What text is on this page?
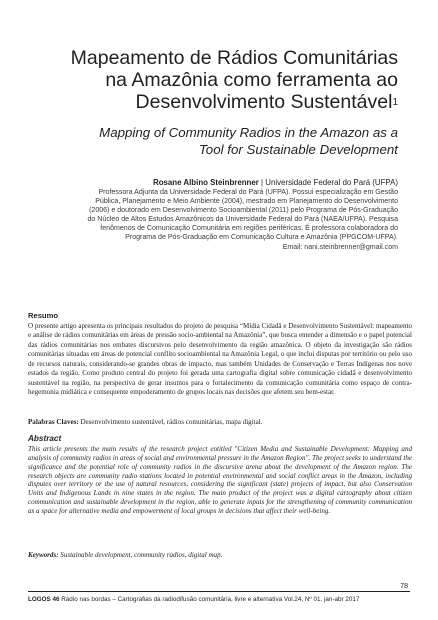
Mapeamento de Rádios Comunitárias
na Amazônia como ferramenta ao
Desenvolvimento Sustentável$^1$
Mapping of Community Radios in the Amazon as a
Tool for Sustainable Development
Rosane Albino Steinbrenner | Universidade Federal do Pará (UFPA)
Professora Adjunta da Universidade Federal do Pará (UFPA). Possui especialização em Gestão
Pública, Planejamento e Meio Ambiente (2004), mestrado em Planejamento do Desenvolvimento
(2006) e doutorado em Desenvolvimento Socioambiental (2011) pelo Programa de Pós-Graduação
do Núcleo de Altos Estudos Amazônicos da Universidade Federal do Pará (NAEA/UFPA). Pesquisa
fenômenos de Comunicação Comunitária em regiões periféricas. É professora colaboradora do
Programa de Pós-Graduação em Comunicação Cultura e Amazônia (PPGCOM-UFPA).
Email: nani.steinbrenner@gmail.com
Resumo
O presente artigo apresenta os principais resultados do projeto de pesquisa “Mídia Cidadã e Desenvolvimento Sustentável: mapeamento e análise de rádios comunitárias em áreas de pressão socio-ambiental na Amazônia”, que busca entender a dimensão e o papel potencial das rádios comunitárias nos embates discursivos pelo desenvolvimento da região amazônica. O objeto da investigação são rádios comunitárias situadas em áreas de potencial conflito socioambiental na Amazônia Legal, o que inclui disputas por território ou pelo uso de recursos naturais, considerando-se grandes obras de impacto, mas também Unidades de Conservação e Terras Indígenas nos nove estados da região. Como produto central do projeto foi gerada uma cartografia digital sobre comunicação cidadã e desenvolvimento sustentável na região, na perspectiva de gerar insumos para o fortalecimento da comunicação comunitária como espaço de contra-hegemonia midiática e consequente empoderamento de grupos locais nas decisões que afetem seu bem-estar.
Palabras Claves: Desenvolvimento sustentável, rádios comunitárias, mapa digital.
Abstract
This article presents the main results of the research project entitled "Citizen Media and Sustainable Development: Mapping and analysis of community radios in areas of social and environmental pressure in the Amazon Region". The project seeks to understand the significance and the potential role of community radios in the discursive arena about the development of the Amazon region. The research objects are community radio stations located in potential environmental and social conflict areas in the Amazon, including disputes over territory or the use of natural resources, considering the significant (state) projects of impact, but also Conservation Units and Indigenous Lands in nine states in the region. The main product of the project was a digital cartography about citizen communication and sustainable development in the region, able to generate inputs for the strengthening of community communication as a space for alternative media and empowerment of local groups in decisions that affect their well-being.
Keywords: Sustainable development, community radios, digital map.
78
LOGOS 46 Rádio nas bordas – Cartografias da radiodifusão comunitária, livre e alternativa Vol.24, Nº 01, jan-abr 2017
